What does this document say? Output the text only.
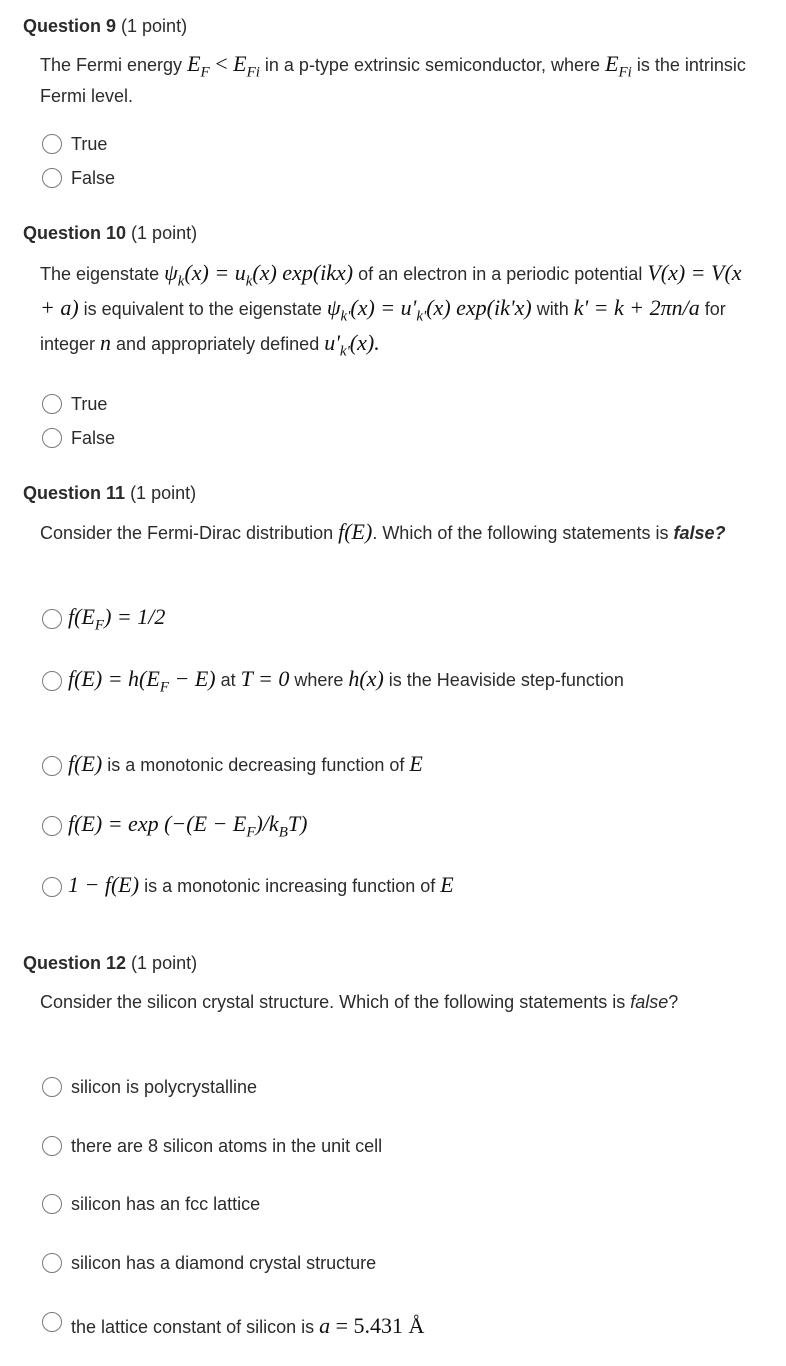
Question 9 (1 point)
The Fermi energy $E_F < E_{Fi}$ in a p-type extrinsic semiconductor, where $E_{Fi}$ is the intrinsic Fermi level.
True
False
Question 10 (1 point)
The eigenstate $\psi_k(x) = u_k(x)$ exp(ikx) of an electron in a periodic potential V(x) = V(x + a) is equivalent to the eigenstate $\psi_{k'}(x) = u'_{k'}(x)$ exp(ik'x) with k' = k + 2πn/a for integer n and appropriately defined $u'_{k'}(x)$.
True
False
Question 11 (1 point)
Consider the Fermi-Dirac distribution f(E). Which of the following statements is false?
$f(E_F) = 1/2$
$f(E) = h(E_F - E)$ at T = 0 where h(x) is the Heaviside step-function
f(E) is a monotonic decreasing function of E
$f(E) = \exp (-(E - E_F)/k_BT)$
1 − f(E) is a monotonic increasing function of E
Question 12 (1 point)
Consider the silicon crystal structure. Which of the following statements is false?
silicon is polycrystalline
there are 8 silicon atoms in the unit cell
silicon has an fcc lattice
silicon has a diamond crystal structure
the lattice constant of silicon is a = 5.431 Å
